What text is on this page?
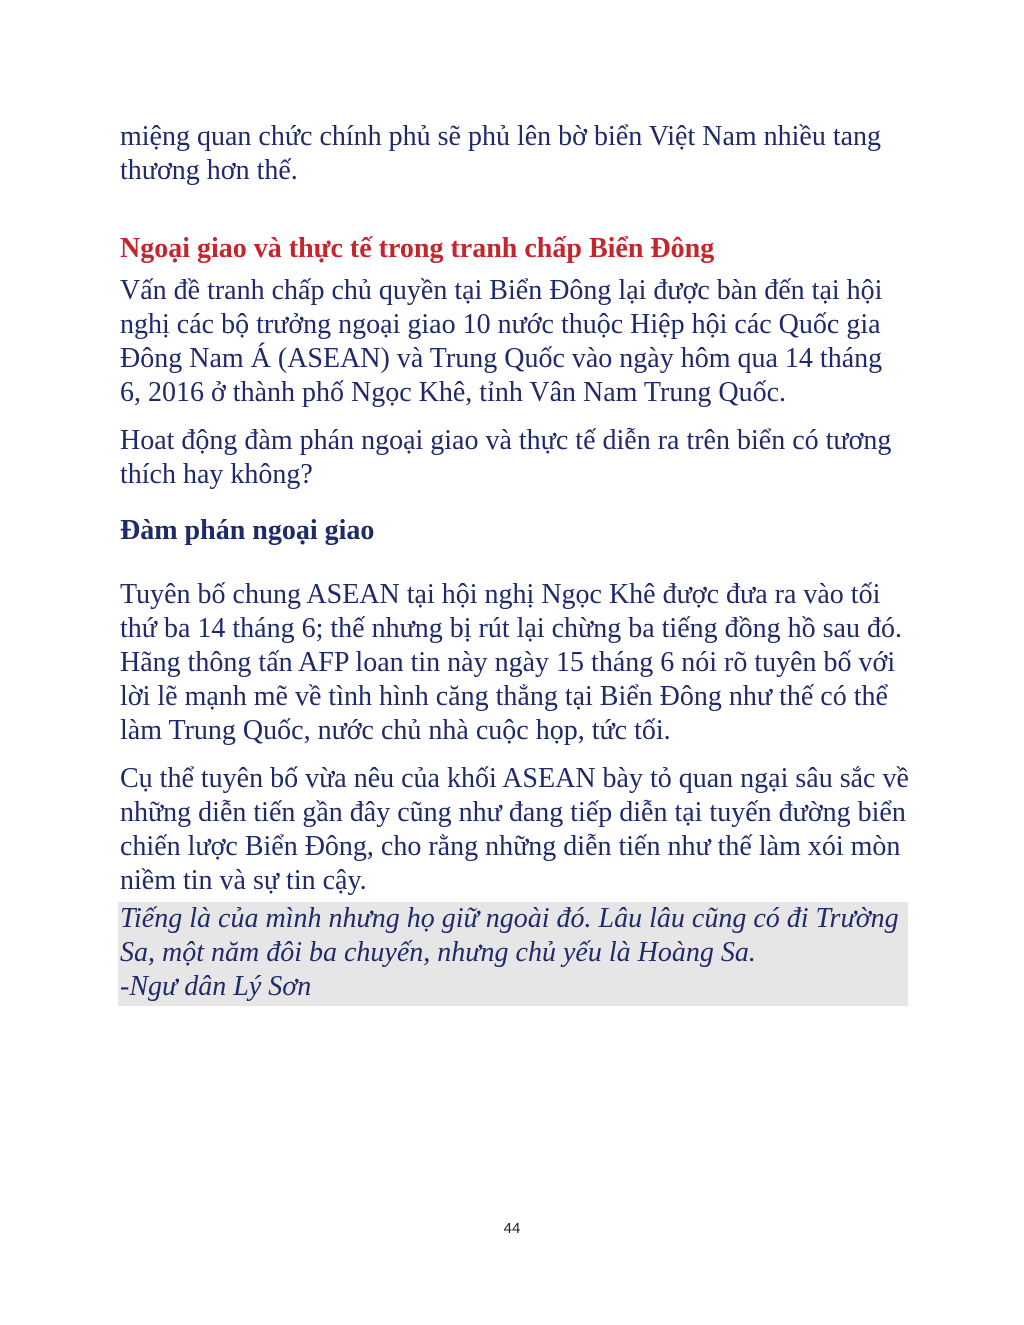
miệng quan chức chính phủ sẽ phủ lên bờ biển Việt Nam nhiều tang thương hơn thế.

Ngoại giao và thực tế trong tranh chấp Biển Đông

Vấn đề tranh chấp chủ quyền tại Biển Đông lại được bàn đến tại hội nghị các bộ trưởng ngoại giao 10 nước thuộc Hiệp hội các Quốc gia Đông Nam Á (ASEAN) và Trung Quốc vào ngày hôm qua 14 tháng 6, 2016 ở thành phố Ngọc Khê, tỉnh Vân Nam Trung Quốc.

Hoat động đàm phán ngoại giao và thực tế diễn ra trên biển có tương thích hay không?

Đàm phán ngoại giao

Tuyên bố chung ASEAN tại hội nghị Ngọc Khê được đưa ra vào tối thứ ba 14 tháng 6; thế nhưng bị rút lại chừng ba tiếng đồng hồ sau đó. Hãng thông tấn AFP loan tin này ngày 15 tháng 6 nói rõ tuyên bố với lời lẽ mạnh mẽ về tình hình căng thẳng tại Biển Đông như thế có thể làm Trung Quốc, nước chủ nhà cuộc họp, tức tối.

Cụ thể tuyên bố vừa nêu của khối ASEAN bày tỏ quan ngại sâu sắc về những diễn tiến gần đây cũng như đang tiếp diễn tại tuyến đường biển chiến lược Biển Đông, cho rằng những diễn tiến như thế làm xói mòn niềm tin và sự tin cậy.

Tiếng là của mình nhưng họ giữ ngoài đó. Lâu lâu cũng có đi Trường Sa, một năm đôi ba chuyến, nhưng chủ yếu là Hoàng Sa.

-Ngư dân Lý Sơn

44
